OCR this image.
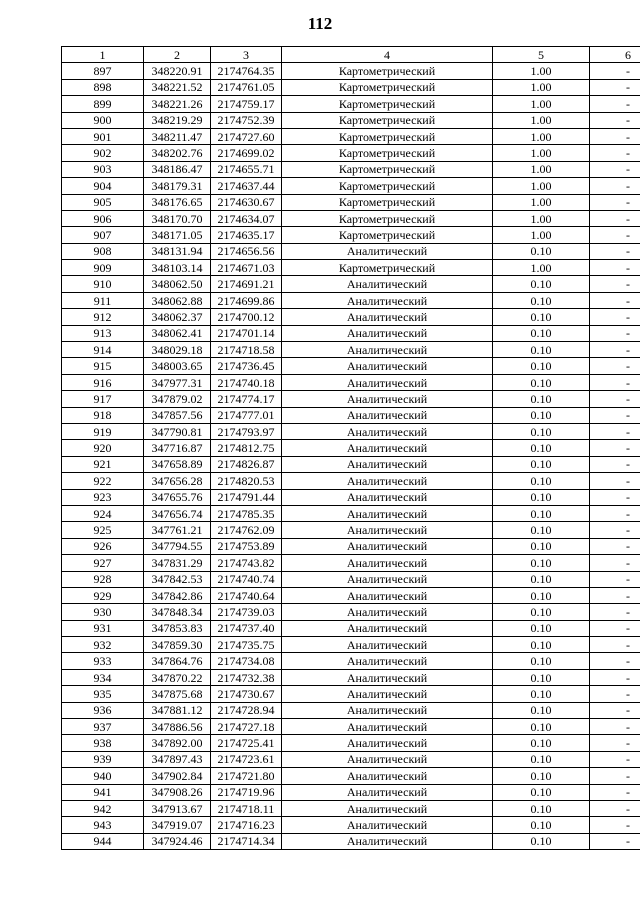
112
1	2	3	4	5	6
897	348220.91	2174764.35	Картометрический	1.00	-
898	348221.52	2174761.05	Картометрический	1.00	-
899	348221.26	2174759.17	Картометрический	1.00	-
900	348219.29	2174752.39	Картометрический	1.00	-
901	348211.47	2174727.60	Картометрический	1.00	-
902	348202.76	2174699.02	Картометрический	1.00	-
903	348186.47	2174655.71	Картометрический	1.00	-
904	348179.31	2174637.44	Картометрический	1.00	-
905	348176.65	2174630.67	Картометрический	1.00	-
906	348170.70	2174634.07	Картометрический	1.00	-
907	348171.05	2174635.17	Картометрический	1.00	-
908	348131.94	2174656.56	Аналитический	0.10	-
909	348103.14	2174671.03	Картометрический	1.00	-
910	348062.50	2174691.21	Аналитический	0.10	-
911	348062.88	2174699.86	Аналитический	0.10	-
912	348062.37	2174700.12	Аналитический	0.10	-
913	348062.41	2174701.14	Аналитический	0.10	-
914	348029.18	2174718.58	Аналитический	0.10	-
915	348003.65	2174736.45	Аналитический	0.10	-
916	347977.31	2174740.18	Аналитический	0.10	-
917	347879.02	2174774.17	Аналитический	0.10	-
918	347857.56	2174777.01	Аналитический	0.10	-
919	347790.81	2174793.97	Аналитический	0.10	-
920	347716.87	2174812.75	Аналитический	0.10	-
921	347658.89	2174826.87	Аналитический	0.10	-
922	347656.28	2174820.53	Аналитический	0.10	-
923	347655.76	2174791.44	Аналитический	0.10	-
924	347656.74	2174785.35	Аналитический	0.10	-
925	347761.21	2174762.09	Аналитический	0.10	-
926	347794.55	2174753.89	Аналитический	0.10	-
927	347831.29	2174743.82	Аналитический	0.10	-
928	347842.53	2174740.74	Аналитический	0.10	-
929	347842.86	2174740.64	Аналитический	0.10	-
930	347848.34	2174739.03	Аналитический	0.10	-
931	347853.83	2174737.40	Аналитический	0.10	-
932	347859.30	2174735.75	Аналитический	0.10	-
933	347864.76	2174734.08	Аналитический	0.10	-
934	347870.22	2174732.38	Аналитический	0.10	-
935	347875.68	2174730.67	Аналитический	0.10	-
936	347881.12	2174728.94	Аналитический	0.10	-
937	347886.56	2174727.18	Аналитический	0.10	-
938	347892.00	2174725.41	Аналитический	0.10	-
939	347897.43	2174723.61	Аналитический	0.10	-
940	347902.84	2174721.80	Аналитический	0.10	-
941	347908.26	2174719.96	Аналитический	0.10	-
942	347913.67	2174718.11	Аналитический	0.10	-
943	347919.07	2174716.23	Аналитический	0.10	-
944	347924.46	2174714.34	Аналитический	0.10	-
